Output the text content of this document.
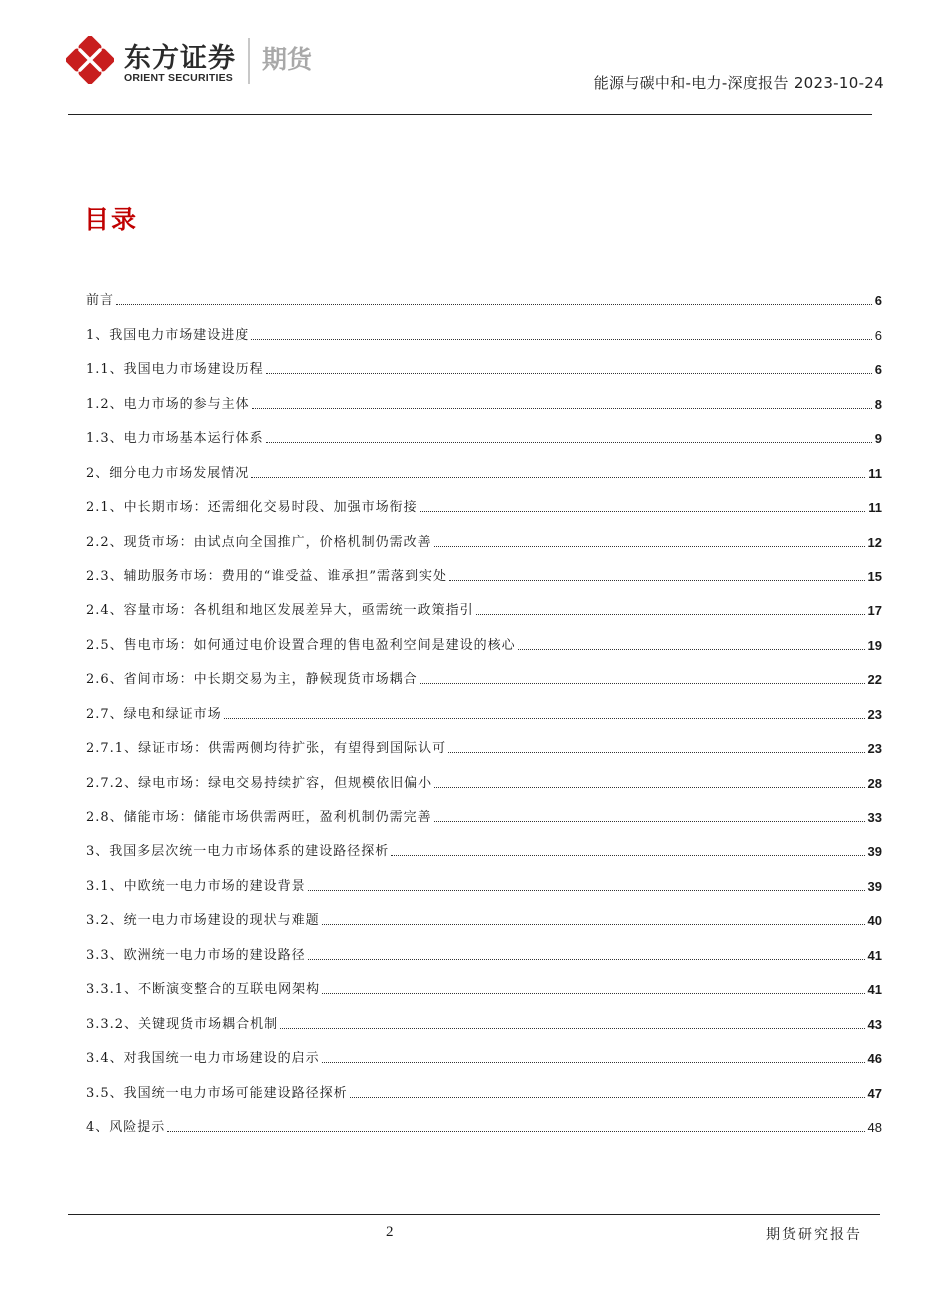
东方证券
ORIENT SECURITIES
期货
能源与碳中和-电力-深度报告 2023-10-24
目录
前言	6
1、我国电力市场建设进度	6
1.1、我国电力市场建设历程	6
1.2、电力市场的参与主体	8
1.3、电力市场基本运行体系	9
2、细分电力市场发展情况	11
2.1、中长期市场：还需细化交易时段、加强市场衔接	11
2.2、现货市场：由试点向全国推广，价格机制仍需改善	12
2.3、辅助服务市场：费用的“谁受益、谁承担”需落到实处	15
2.4、容量市场：各机组和地区发展差异大，亟需统一政策指引	17
2.5、售电市场：如何通过电价设置合理的售电盈利空间是建设的核心	19
2.6、省间市场：中长期交易为主，静候现货市场耦合	22
2.7、绿电和绿证市场	23
2.7.1、绿证市场：供需两侧均待扩张，有望得到国际认可	23
2.7.2、绿电市场：绿电交易持续扩容，但规模依旧偏小	28
2.8、储能市场：储能市场供需两旺，盈利机制仍需完善	33
3、我国多层次统一电力市场体系的建设路径探析	39
3.1、中欧统一电力市场的建设背景	39
3.2、统一电力市场建设的现状与难题	40
3.3、欧洲统一电力市场的建设路径	41
3.3.1、不断演变整合的互联电网架构	41
3.3.2、关键现货市场耦合机制	43
3.4、对我国统一电力市场建设的启示	46
3.5、我国统一电力市场可能建设路径探析	47
4、风险提示	48
2	期货研究报告
